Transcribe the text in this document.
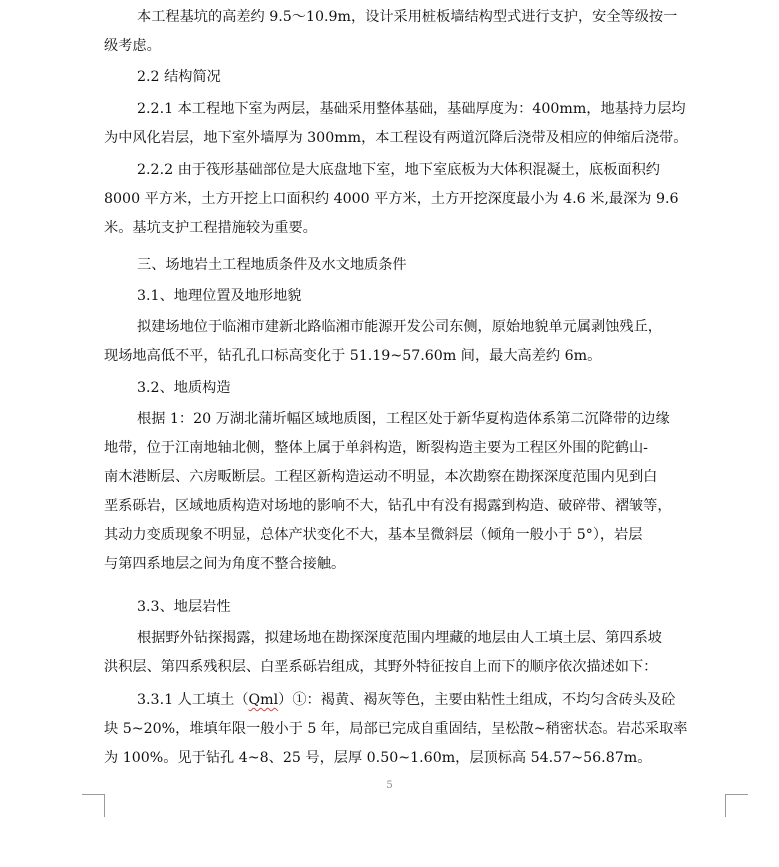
本工程基坑的高差约 9.5～10.9m，设计采用桩板墙结构型式进行支护，安全等级按一
级考虑。

2.2 结构简况

2.2.1 本工程地下室为两层，基础采用整体基础，基础厚度为：400mm，地基持力层均
为中风化岩层，地下室外墙厚为 300mm，本工程设有两道沉降后浇带及相应的伸缩后浇带。

2.2.2 由于筏形基础部位是大底盘地下室，地下室底板为大体积混凝土，底板面积约
8000 平方米，土方开挖上口面积约 4000 平方米，土方开挖深度最小为 4.6 米,最深为 9.6
米。基坑支护工程措施较为重要。

三、场地岩土工程地质条件及水文地质条件

3.1、地理位置及地形地貌

拟建场地位于临湘市建新北路临湘市能源开发公司东侧，原始地貌单元属剥蚀残丘，
现场地高低不平，钻孔孔口标高变化于 51.19~57.60m 间，最大高差约 6m。

3.2、地质构造

根据 1：20 万湖北蒲圻幅区域地质图，工程区处于新华夏构造体系第二沉降带的边缘
地带，位于江南地轴北侧，整体上属于单斜构造，断裂构造主要为工程区外围的陀鹤山-
南木港断层、六房畈断层。工程区新构造运动不明显，本次勘察在勘探深度范围内见到白
垩系砾岩，区域地质构造对场地的影响不大，钻孔中有没有揭露到构造、破碎带、褶皱等，
其动力变质现象不明显，总体产状变化不大，基本呈微斜层（倾角一般小于 5°），岩层
与第四系地层之间为角度不整合接触。

3.3、地层岩性

根据野外钻探揭露，拟建场地在勘探深度范围内埋藏的地层由人工填土层、第四系坡
洪积层、第四系残积层、白垩系砾岩组成，其野外特征按自上而下的顺序依次描述如下：

3.3.1 人工填土（Qml）①：褐黄、褐灰等色，主要由粘性土组成，不均匀含砖头及砼
块 5~20%，堆填年限一般小于 5 年，局部已完成自重固结，呈松散~稍密状态。岩芯采取率
为 100%。见于钻孔 4~8、25 号，层厚 0.50~1.60m，层顶标高 54.57~56.87m。

5
